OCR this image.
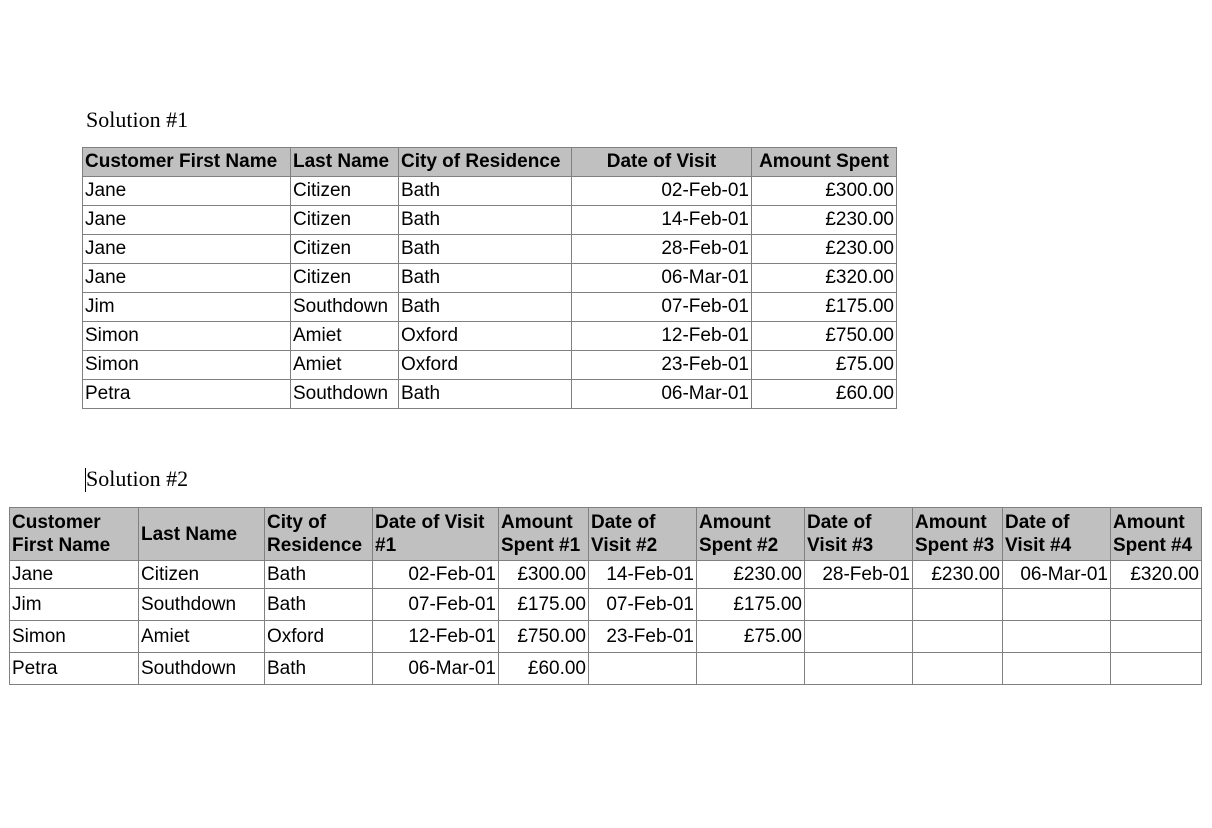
Solution #1
Customer First Name	Last Name	City of Residence	Date of Visit	Amount Spent
Jane	Citizen	Bath	02-Feb-01	£300.00
Jane	Citizen	Bath	14-Feb-01	£230.00
Jane	Citizen	Bath	28-Feb-01	£230.00
Jane	Citizen	Bath	06-Mar-01	£320.00
Jim	Southdown	Bath	07-Feb-01	£175.00
Simon	Amiet	Oxford	12-Feb-01	£750.00
Simon	Amiet	Oxford	23-Feb-01	£75.00
Petra	Southdown	Bath	06-Mar-01	£60.00
Solution #2
Customer First Name	Last Name	City of Residence	Date of Visit #1	Amount Spent #1	Date of Visit #2	Amount Spent #2	Date of Visit #3	Amount Spent #3	Date of Visit #4	Amount Spent #4
Jane	Citizen	Bath	02-Feb-01	£300.00	14-Feb-01	£230.00	28-Feb-01	£230.00	06-Mar-01	£320.00
Jim	Southdown	Bath	07-Feb-01	£175.00	07-Feb-01	£175.00				
Simon	Amiet	Oxford	12-Feb-01	£750.00	23-Feb-01	£75.00				
Petra	Southdown	Bath	06-Mar-01	£60.00						
